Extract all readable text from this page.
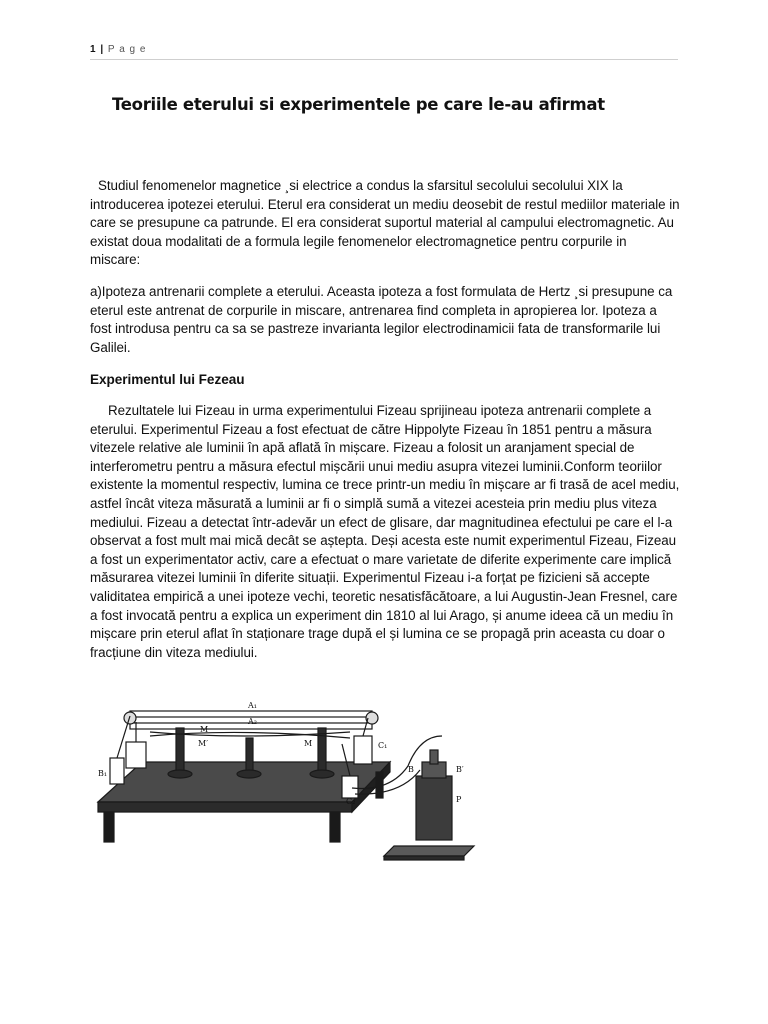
1 | P a g e
Teoriile eterului si experimentele pe care le-au afirmat

Studiul fenomenelor magnetice ¸si electrice a condus la sfarsitul secolului secolului XIX la introducerea ipotezei eterului. Eterul era considerat un mediu deosebit de restul mediilor materiale in care se presupune ca patrunde. El era considerat suportul material al campului electromagnetic. Au existat doua modalitati de a formula legile fenomenelor electromagnetice pentru corpurile in miscare:

a)Ipoteza antrenarii complete a eterului. Aceasta ipoteza a fost formulata de Hertz ¸si presupune ca eterul este antrenat de corpurile in miscare, antrenarea find completa in apropierea lor. Ipoteza a fost introdusa pentru ca sa se pastreze invarianta legilor electrodinamicii fata de transformarile lui Galilei.

Experimentul lui Fezeau

Rezultatele lui Fizeau in urma experimentului Fizeau sprijineau ipoteza antrenarii complete a eterului. Experimentul Fizeau a fost efectuat de către Hippolyte Fizeau în 1851 pentru a măsura vitezele relative ale luminii în apă aflată în mișcare. Fizeau a folosit un aranjament special de interferometru pentru a măsura efectul mișcării unui mediu asupra vitezei luminii.Conform teoriilor existente la momentul respectiv, lumina ce trece printr-un mediu în mișcare ar fi trasă de acel mediu, astfel încât viteza măsurată a luminii ar fi o simplă sumă a vitezei acesteia prin mediu plus viteza mediului. Fizeau a detectat într-adevăr un efect de glisare, dar magnitudinea efectului pe care el l-a observat a fost mult mai mică decât se aștepta. Deși acesta este numit experimentul Fizeau, Fizeau a fost un experimentator activ, care a efectuat o mare varietate de diferite experimente care implică măsurarea vitezei luminii în diferite situații. Experimentul Fizeau i-a forțat pe fizicieni să accepte validitatea empirică a unei ipoteze vechi, teoretic nesatisfăcătoare, a lui Augustin-Jean Fresnel, care a fost invocată pentru a explica un experiment din 1810 al lui Arago, și anume ideea că un mediu în mișcare prin eterul aflat în staționare trage după el și lumina ce se propagă prin aceasta cu doar o fracțiune din viteza mediului.

A₁
A₂
M
M′	M
B₁
C₁
C₂
B	B′
P
